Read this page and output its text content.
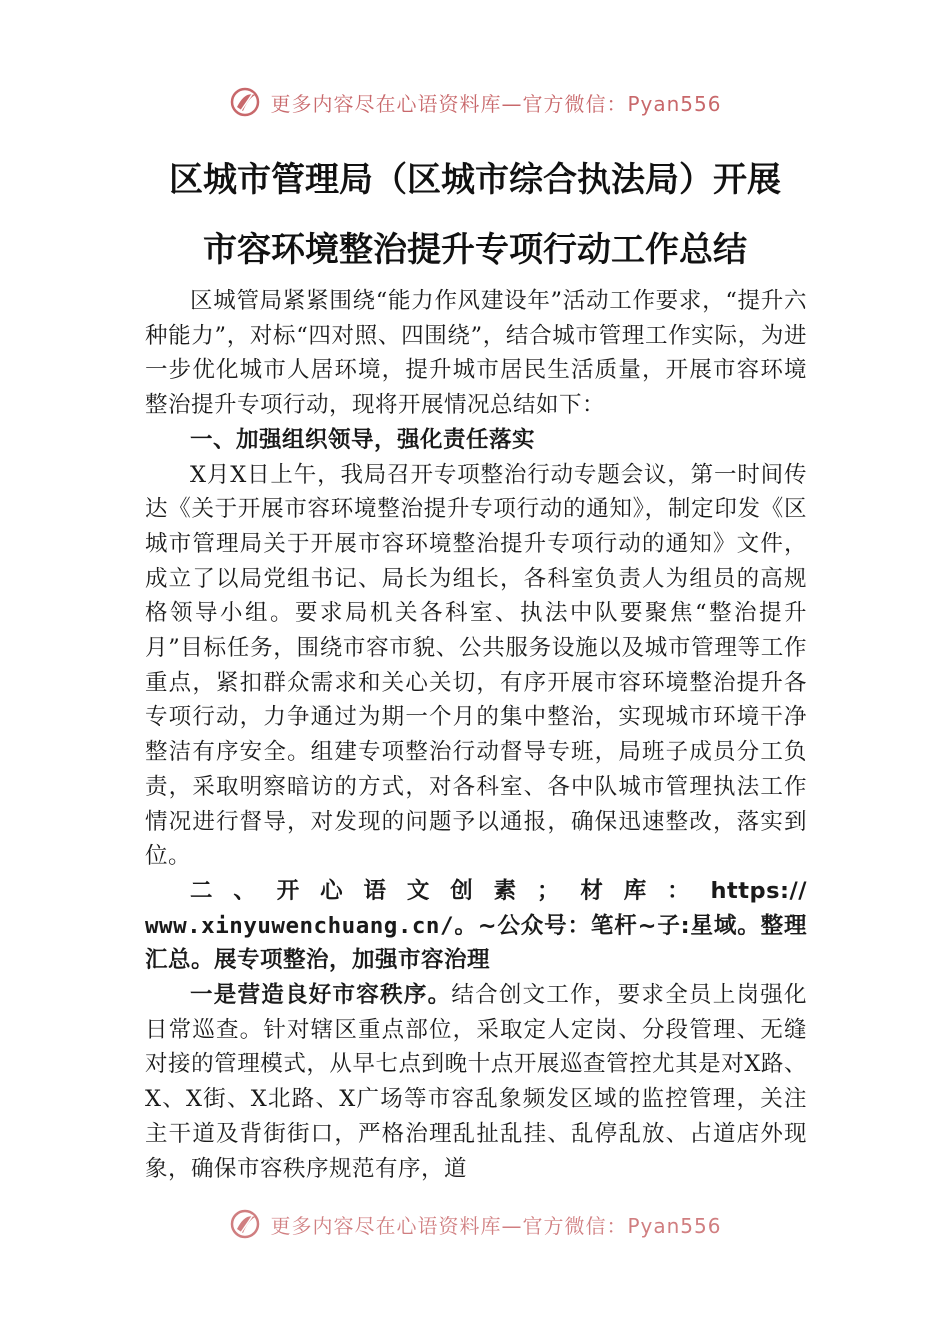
更多内容尽在心语资料库—官方微信：Pyan556
区城市管理局（区城市综合执法局）开展
市容环境整治提升专项行动工作总结

区城管局紧紧围绕“能力作风建设年”活动工作要求，“提升六种能力”，对标“四对照、四围绕”，结合城市管理工作实际，为进一步优化城市人居环境，提升城市居民生活质量，开展市容环境整治提升专项行动，现将开展情况总结如下：

一、加强组织领导，强化责任落实

X月X日上午，我局召开专项整治行动专题会议，第一时间传达《关于开展市容环境整治提升专项行动的通知》，制定印发《区城市管理局关于开展市容环境整治提升专项行动的通知》文件，成立了以局党组书记、局长为组长，各科室负责人为组员的高规格领导小组。要求局机关各科室、执法中队要聚焦“整治提升月”目标任务，围绕市容市貌、公共服务设施以及城市管理等工作重点，紧扣群众需求和关心关切，有序开展市容环境整治提升各专项行动，力争通过为期一个月的集中整治，实现城市环境干净整洁有序安全。组建专项整治行动督导专班，局班子成员分工负责，采取明察暗访的方式，对各科室、各中队城市管理执法工作情况进行督导，对发现的问题予以通报，确保迅速整改，落实到位。

二、开心语文创素；材库：https://

www.xinyuwenchuang.cn/。~公众号：笔杆~子:星域。整理汇总。展专项整治，加强市容治理

一是营造良好市容秩序。结合创文工作，要求全员上岗强化日常巡查。针对辖区重点部位，采取定人定岗、分段管理、无缝对接的管理模式，从早七点到晚十点开展巡查管控尤其是对X路、X、X街、X北路、X广场等市容乱象频发区域的监控管理，关注主干道及背街街口，严格治理乱扯乱挂、乱停乱放、占道店外现象，确保市容秩序规范有序，道

更多内容尽在心语资料库—官方微信：Pyan556
